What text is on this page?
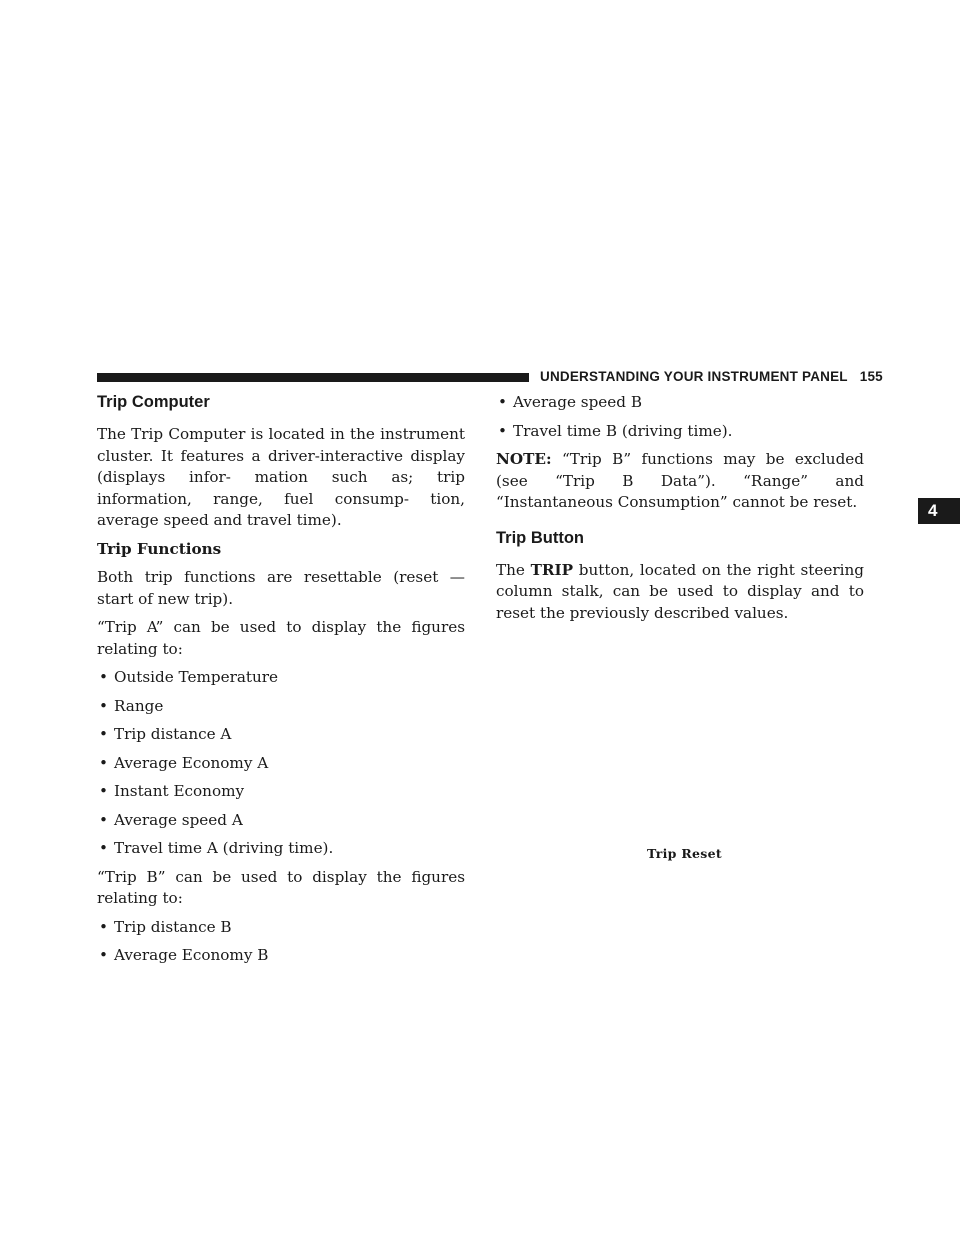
UNDERSTANDING YOUR INSTRUMENT PANEL 155
4
Trip Computer

The Trip Computer is located in the instrument cluster. It features a driver-interactive display (displays infor- mation such as; trip information, range, fuel consump- tion, average speed and travel time).

Trip Functions

Both trip functions are resettable (reset — start of new trip).

“Trip A” can be used to display the figures relating to:

• Outside Temperature
• Range
• Trip distance A
• Average Economy A
• Instant Economy
• Average speed A
• Travel time A (driving time).

“Trip B” can be used to display the figures relating to:

• Trip distance B
• Average Economy B
• Average speed B
• Travel time B (driving time).

NOTE: “Trip B” functions may be excluded (see “Trip B Data”). “Range” and “Instantaneous Consumption” cannot be reset.

Trip Button

The TRIP button, located on the right steering column stalk, can be used to display and to reset the previously described values.

Trip Reset
